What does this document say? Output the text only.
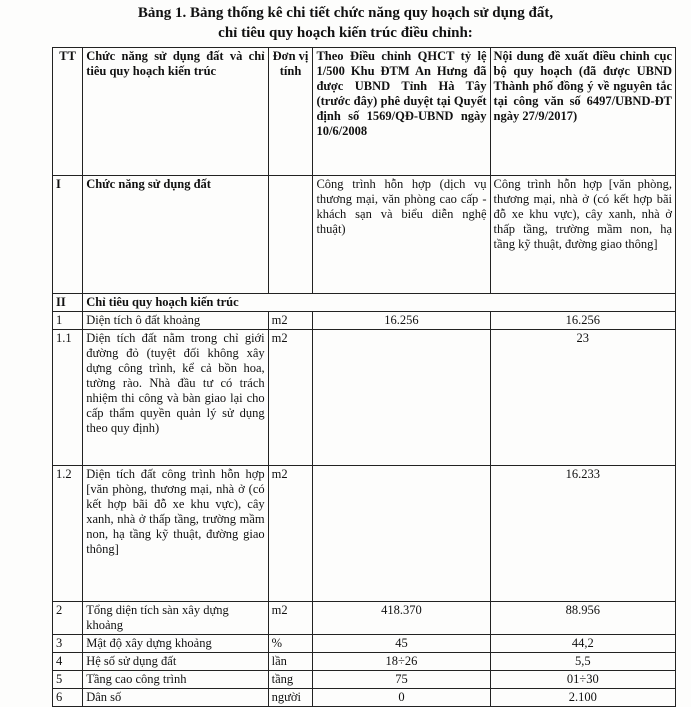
Bảng 1. Bảng thống kê chi tiết chức năng quy hoạch sử dụng đất,
chỉ tiêu quy hoạch kiến trúc điều chỉnh:
TT	Chức năng sử dụng đất và chỉ tiêu quy hoạch kiến trúc	Đơn vị tính	Theo Điều chỉnh QHCT tỷ lệ 1/500 Khu ĐTM An Hưng đã được UBND Tỉnh Hà Tây (trước đây) phê duyệt tại Quyết định số 1569/QĐ-UBND ngày 10/6/2008	Nội dung đề xuất điều chỉnh cục bộ quy hoạch (đã được UBND Thành phố đồng ý về nguyên tắc tại công văn số 6497/UBND-ĐT ngày 27/9/2017)
I	Chức năng sử dụng đất		Công trình hỗn hợp (dịch vụ thương mại, văn phòng cao cấp - khách sạn và biểu diễn nghệ thuật)	Công trình hỗn hợp [văn phòng, thương mại, nhà ở (có kết hợp bãi đỗ xe khu vực), cây xanh, nhà ở thấp tầng, trường mầm non, hạ tầng kỹ thuật, đường giao thông]
II	Chỉ tiêu quy hoạch kiến trúc			
1	Diện tích ô đất khoảng	m2	16.256	16.256
1.1	Diện tích đất nằm trong chỉ giới đường đỏ (tuyệt đối không xây dựng công trình, kể cả bồn hoa, tường rào. Nhà đầu tư có trách nhiệm thi công và bàn giao lại cho cấp thẩm quyền quản lý sử dụng theo quy định)	m2		23
1.2	Diện tích đất công trình hỗn hợp [văn phòng, thương mại, nhà ở (có kết hợp bãi đỗ xe khu vực), cây xanh, nhà ở thấp tầng, trường mầm non, hạ tầng kỹ thuật, đường giao thông]	m2		16.233
2	Tổng diện tích sàn xây dựng khoảng	m2	418.370	88.956
3	Mật độ xây dựng khoảng	%	45	44,2
4	Hệ số sử dụng đất	lần	18÷26	5,5
5	Tầng cao công trình	tầng	75	01÷30
6	Dân số	người	0	2.100
